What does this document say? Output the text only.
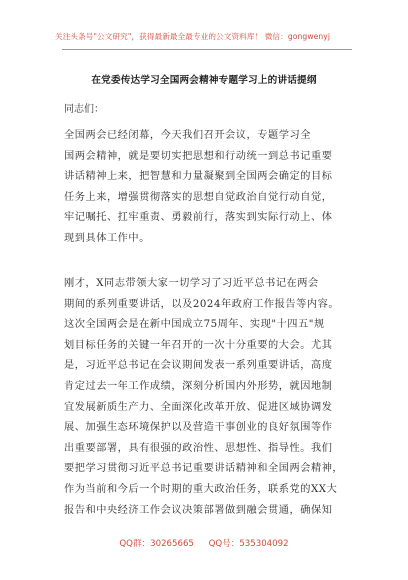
关注头条号"公文研究"，获得最新最全最专业的公文资料库！ 微信：gongwenyj
在党委传达学习全国两会精神专题学习上的讲话提纲
同志们：
全国两会已经闭幕，今天我们召开会议，专题学习全
国两会精神，就是要切实把思想和行动统一到总书记重要
讲话精神上来，把智慧和力量凝聚到全国两会确定的目标
任务上来，增强贯彻落实的思想自觉政治自觉行动自觉，
牢记嘱托、扛牢重责、勇毅前行，落实到实际行动上、体
现到具体工作中。
刚才，X同志带领大家一切学习了习近平总书记在两会
期间的系列重要讲话，以及2024年政府工作报告等内容。
这次全国两会是在新中国成立75周年、实现"十四五"规
划目标任务的关键一年召开的一次十分重要的大会。尤其
是，习近平总书记在会议期间发表一系列重要讲话，高度
肯定过去一年工作成绩，深刻分析国内外形势，就因地制
宜发展新质生产力、全面深化改革开放、促进区域协调发
展、加强生态环境保护以及营造干事创业的良好氛围等作
出重要部署，具有很强的政治性、思想性、指导性。我们
要把学习贯彻习近平总书记重要讲话精神和全国两会精神，
作为当前和今后一个时期的重大政治任务，联系党的XX大
报告和中央经济工作会议决策部署做到融会贯通，确保知
QQ群：30265665 QQ号：535304092
